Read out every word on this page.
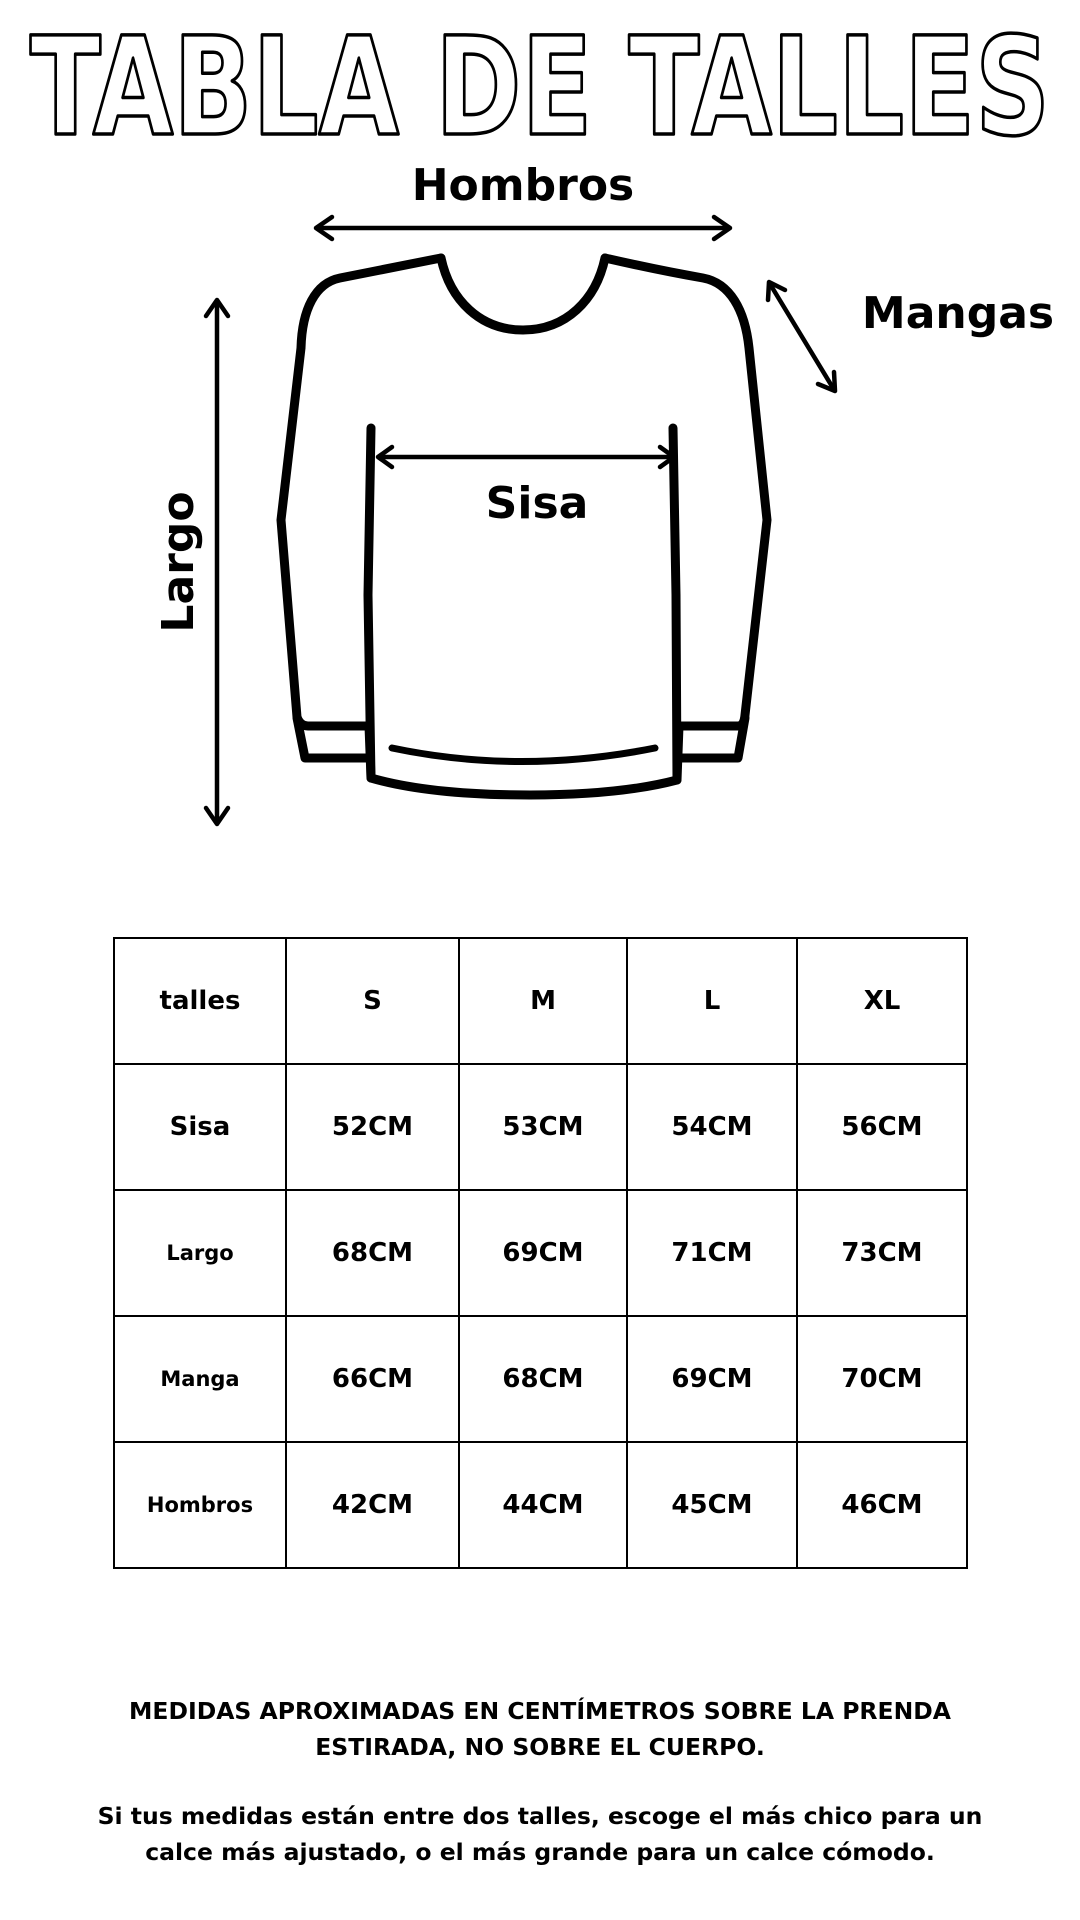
TABLA DE TALLES
Hombros
Mangas
Sisa
Largo
talles	S	M	L	XL
Sisa	52CM	53CM	54CM	56CM
Largo	68CM	69CM	71CM	73CM
Manga	66CM	68CM	69CM	70CM
Hombros	42CM	44CM	45CM	46CM

MEDIDAS APROXIMADAS EN CENTÍMETROS SOBRE LA PRENDA ESTIRADA, NO SOBRE EL CUERPO.

Si tus medidas están entre dos talles, escoge el más chico para un calce más ajustado, o el más grande para un calce cómodo.
